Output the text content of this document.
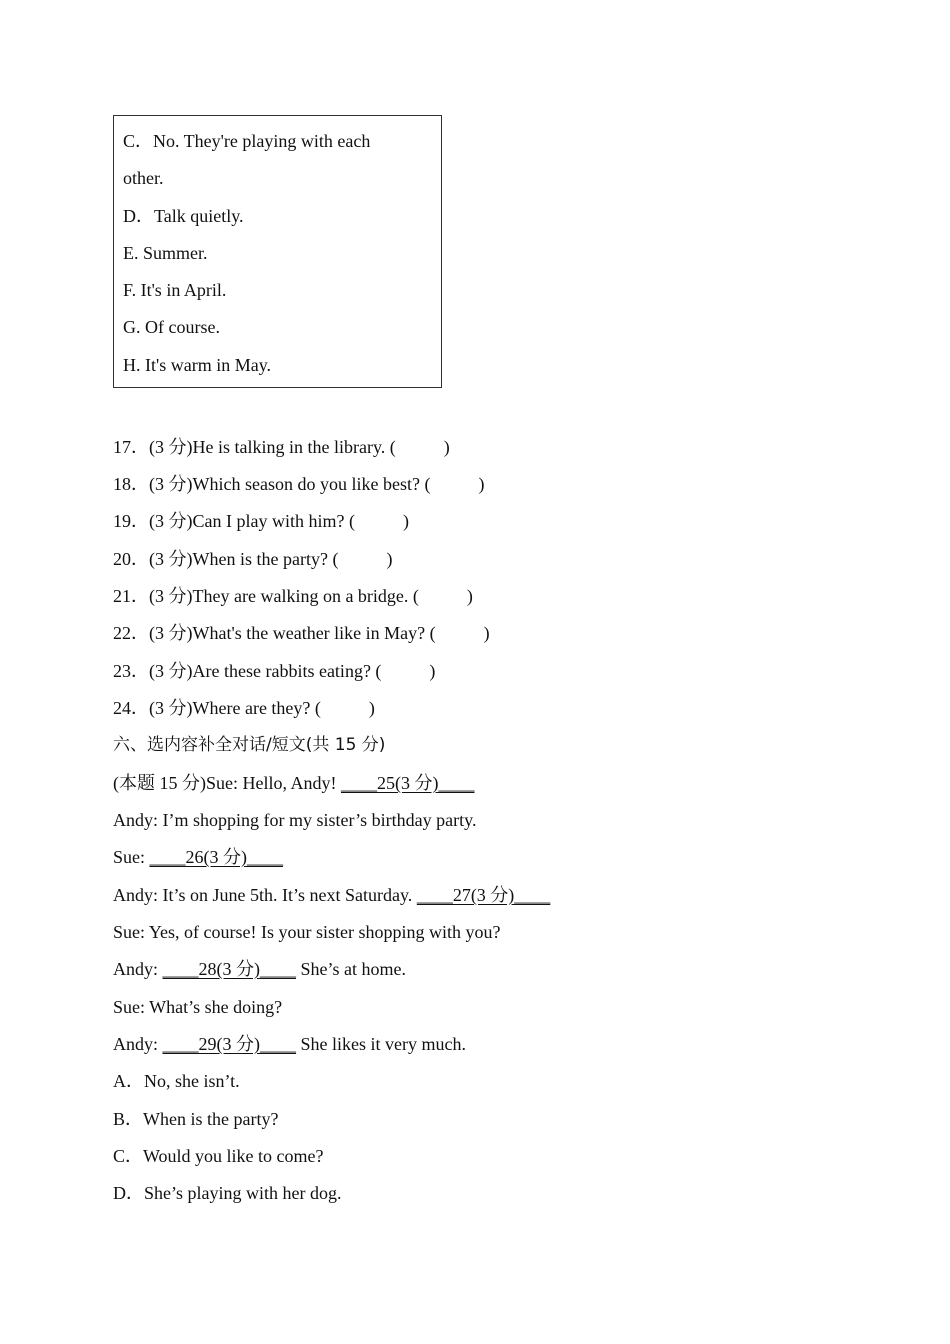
C．No. They're playing with each
other.
D．Talk quietly.
E. Summer.
F. It's in April.
G. Of course.
H. It's warm in May.
17．(3 分)He is talking in the library. (	)
18．(3 分)Which season do you like best? (	)
19．(3 分)Can I play with him? (	)
20．(3 分)When is the party? (	)
21．(3 分)They are walking on a bridge. (	)
22．(3 分)What's the weather like in May? (	)
23．(3 分)Are these rabbits eating? (	)
24．(3 分)Where are they? (	)
六、选内容补全对话/短文(共 15 分)
(本题 15 分)Sue: Hello, Andy! ____25(3 分)____
Andy: I’m shopping for my sister’s birthday party.
Sue: ____26(3 分)____
Andy: It’s on June 5th. It’s next Saturday. ____27(3 分)____
Sue: Yes, of course! Is your sister shopping with you?
Andy: ____28(3 分)____ She’s at home.
Sue: What’s she doing?
Andy: ____29(3 分)____ She likes it very much.
A．No, she isn’t.
B．When is the party?
C．Would you like to come?
D．She’s playing with her dog.
